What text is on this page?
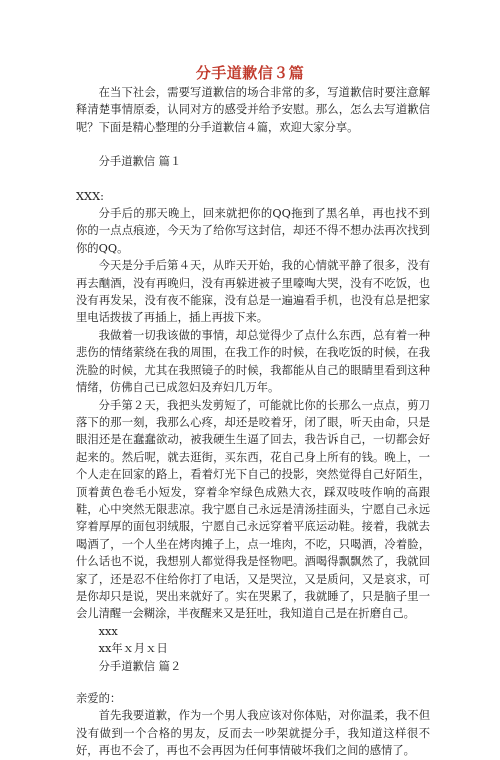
分手道歉信３篇

在当下社会，需要写道歉信的场合非常的多，写道歉信时要注意解释清楚事情原委，认同对方的感受并给予安慰。那么，怎么去写道歉信呢？下面是精心整理的分手道歉信４篇，欢迎大家分享。

分手道歉信 篇１

XXX:

分手后的那天晚上，回来就把你的QQ拖到了黑名单，再也找不到你的一点点痕迹，今天为了给你写这封信，却还不得不想办法再次找到你的QQ。

今天是分手后第４天，从昨天开始，我的心情就平静了很多，没有再去酗酒，没有再晚归，没有再躲进被子里嚎啕大哭，没有不吃饭，也没有再发呆，没有夜不能寐，没有总是一遍遍看手机，也没有总是把家里电话拨拔了再插上，插上再拔下来。

我做着一切我该做的事情，却总觉得少了点什么东西，总有着一种悲伤的情绪萦绕在我的周围，在我工作的时候，在我吃饭的时候，在我洗脸的时候，尤其在我照镜子的时候，我都能从自己的眼睛里看到这种情绪，仿佛自己已成忽妇及弃妇几万年。

分手第２天，我把头发剪短了，可能就比你的长那么一点点，剪刀落下的那一刻，我那么心疼，却还是咬着牙，闭了眼，听天由命，只是眼泪还是在蠢蠢欲动，被我硬生生逼了回去，我告诉自己，一切都会好起来的。然后呢，就去逛街，买东西，花自己身上所有的钱。晚上，一个人走在回家的路上，看着灯光下自己的投影，突然觉得自己好陌生，顶着黄色卷毛小短发，穿着伞窄绿色成熟大衣，踩双吱吱作响的高跟鞋，心中突然无限悲凉。我宁愿自己永远是清汤挂面头，宁愿自己永远穿着厚厚的面包羽绒服，宁愿自己永远穿着平底运动鞋。接着，我就去喝酒了，一个人坐在烤肉摊子上，点一堆肉，不吃，只喝酒，冷着脸，什么话也不说，我想别人都觉得我是怪物吧。酒喝得飘飘然了，我就回家了，还是忍不住给你打了电话，又是哭泣，又是质问，又是哀求，可是你却只是说，哭出来就好了。实在哭累了，我就睡了，只是脑子里一会儿清醒一会糊涂，半夜醒来又是狂吐，我知道自己是在折磨自己。

xxx

xx年ｘ月ｘ日

分手道歉信 篇２

亲爱的：

首先我要道歉，作为一个男人我应该对你体贴，对你温柔，我不但没有做到一个合格的男友，反而去一吵架就提分手，我知道这样很不好，再也不会了，再也不会再因为任何事情破坏我们之间的感情了。
